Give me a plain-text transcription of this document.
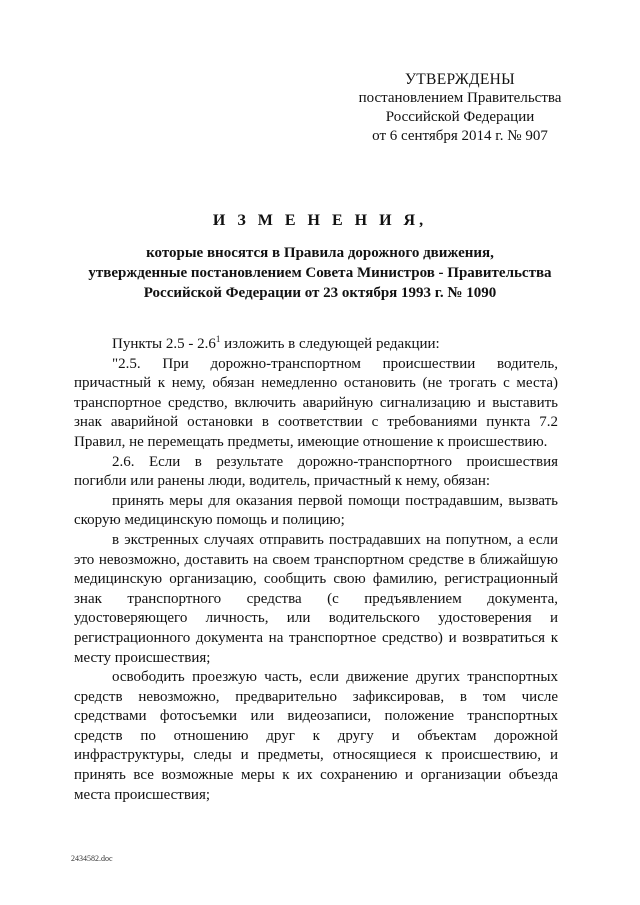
УТВЕРЖДЕНЫ
постановлением Правительства
Российской Федерации
от 6 сентября 2014 г. № 907
И З М Е Н Е Н И Я,
которые вносятся в Правила дорожного движения,
утвержденные постановлением Совета Министров - Правительства
Российской Федерации от 23 октября 1993 г. № 1090

Пункты $2.5 - 2.6^1$ изложить в следующей редакции:

"2.5. При дорожно-транспортном происшествии водитель,

причастный к нему, обязан немедленно остановить (не трогать с места) транспортное средство, включить аварийную сигнализацию и выставить знак аварийной остановки в соответствии с требованиями пункта 7.2 Правил, не перемещать предметы, имеющие отношение к происшествию.

2.6. Если в результате дорожно-транспортного происшествия

погибли или ранены люди, водитель, причастный к нему, обязан:

принять меры для оказания первой помощи пострадавшим, вызвать скорую медицинскую помощь и полицию;

в экстренных случаях отправить пострадавших на попутном, а если это невозможно, доставить на своем транспортном средстве в ближайшую медицинскую организацию, сообщить свою фамилию, регистрационный знак транспортного средства (с предъявлением документа, удостоверяющего личность, или водительского удостоверения и регистрационного документа на транспортное средство) и возвратиться к месту происшествия;

освободить проезжую часть, если движение других транспортных средств невозможно, предварительно зафиксировав, в том числе средствами фотосъемки или видеозаписи, положение транспортных средств по отношению друг к другу и объектам дорожной инфраструктуры, следы и предметы, относящиеся к происшествию, и принять все возможные меры к их сохранению и организации объезда места происшествия;

2434582.doc
